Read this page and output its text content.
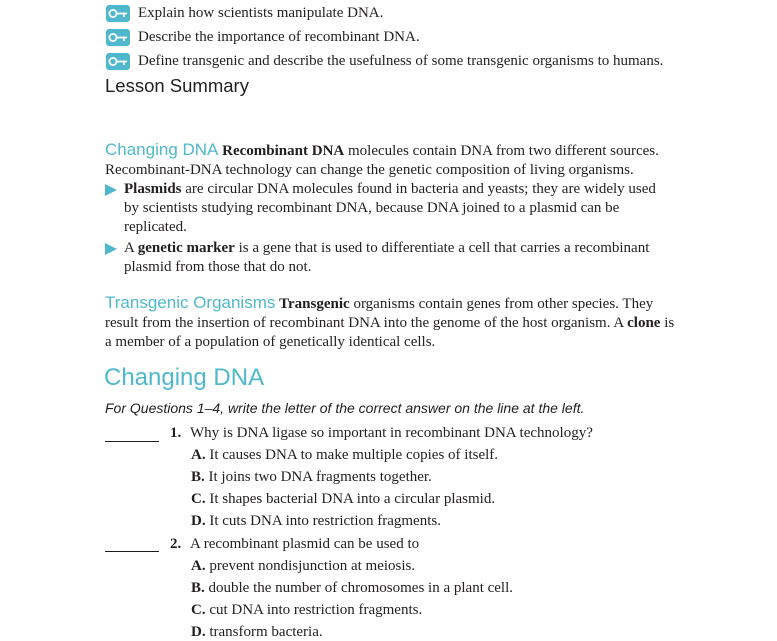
Explain how scientists manipulate DNA.
Describe the importance of recombinant DNA.
Define transgenic and describe the usefulness of some transgenic organisms to humans.
Lesson Summary
Changing DNA Recombinant DNA molecules contain DNA from two different sources. Recombinant-DNA technology can change the genetic composition of living organisms.
Plasmids are circular DNA molecules found in bacteria and yeasts; they are widely used by scientists studying recombinant DNA, because DNA joined to a plasmid can be replicated.
A genetic marker is a gene that is used to differentiate a cell that carries a recombinant plasmid from those that do not.
Transgenic Organisms Transgenic organisms contain genes from other species. They result from the insertion of recombinant DNA into the genome of the host organism. A clone is a member of a population of genetically identical cells.
Changing DNA
For Questions 1–4, write the letter of the correct answer on the line at the left.
1. Why is DNA ligase so important in recombinant DNA technology?
A. It causes DNA to make multiple copies of itself.
B. It joins two DNA fragments together.
C. It shapes bacterial DNA into a circular plasmid.
D. It cuts DNA into restriction fragments.
2. A recombinant plasmid can be used to
A. prevent nondisjunction at meiosis.
B. double the number of chromosomes in a plant cell.
C. cut DNA into restriction fragments.
D. transform bacteria.
